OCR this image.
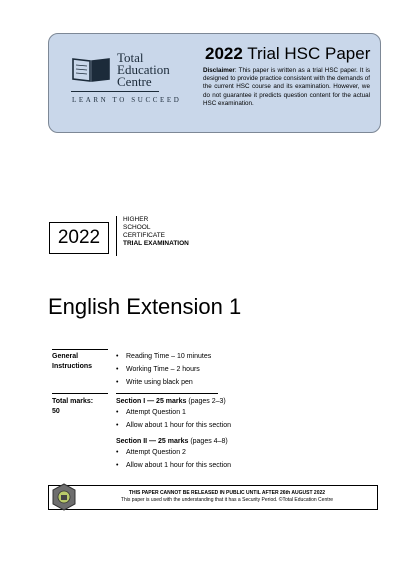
Total
Education
Centre
LEARN TO SUCCEED
2022 Trial HSC Paper
Disclaimer: This paper is written as a trial HSC paper. It is designed to provide practice consistent with the demands of the current HSC course and its examination. However, we do not guarantee it predicts question content for the actual HSC examination.
2022
HIGHER
SCHOOL
CERTIFICATE
TRIAL EXAMINATION
English Extension 1
General Instructions
• Reading Time – 10 minutes
• Working Time – 2 hours
• Write using black pen
Total marks: 50
Section I — 25 marks (pages 2–3)
• Attempt Question 1
• Allow about 1 hour for this section
Section II — 25 marks (pages 4–8)
• Attempt Question 2
• Allow about 1 hour for this section
THIS PAPER CANNOT BE RELEASED IN PUBLIC UNTIL AFTER 26th AUGUST 2022
This paper is used with the understanding that it has a Security Period. ©Total Education Centre
